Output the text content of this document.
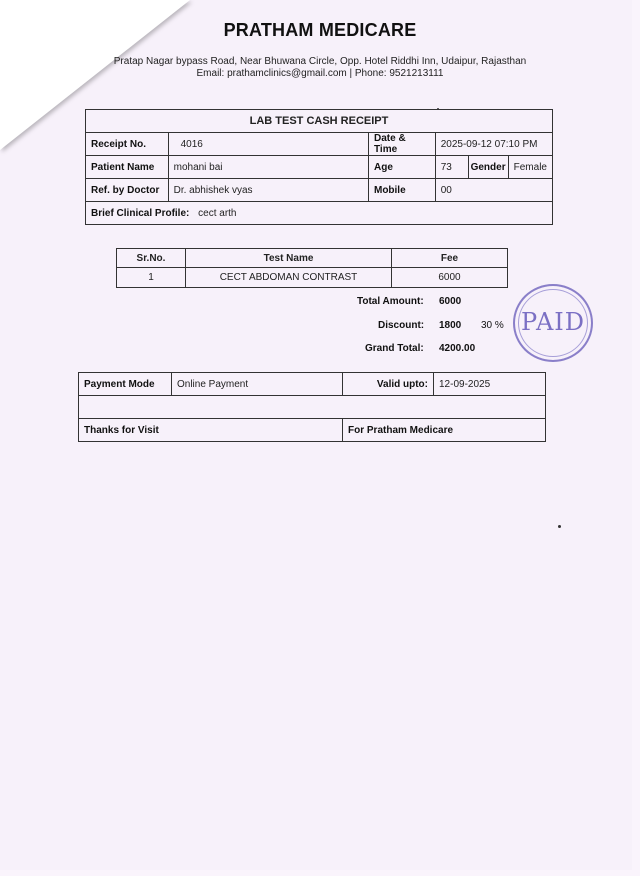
PRATHAM MEDICARE
Pratap Nagar bypass Road, Near Bhuwana Circle, Opp. Hotel Riddhi Inn, Udaipur, Rajasthan
Email: prathamclinics@gmail.com | Phone: 9521213111
LAB TEST CASH RECEIPT					
Receipt No.	4016	Date & Time	2025-09-12 07:10 PM		
Patient Name	mohani bai	Age	73	Gender	Female
Ref. by Doctor	Dr. abhishek vyas	Mobile	00		
Brief Clinical Profile: cect arth					
Sr.No.	Test Name	Fee
1	CECT ABDOMAN CONTRAST	6000
Total Amount: 6000
Discount: 1800 30 %
Grand Total: 4200.00
PAID
Payment Mode	Online Payment	Valid upto:	12-09-2025

Thanks for Visit		For Pratham Medicare	
